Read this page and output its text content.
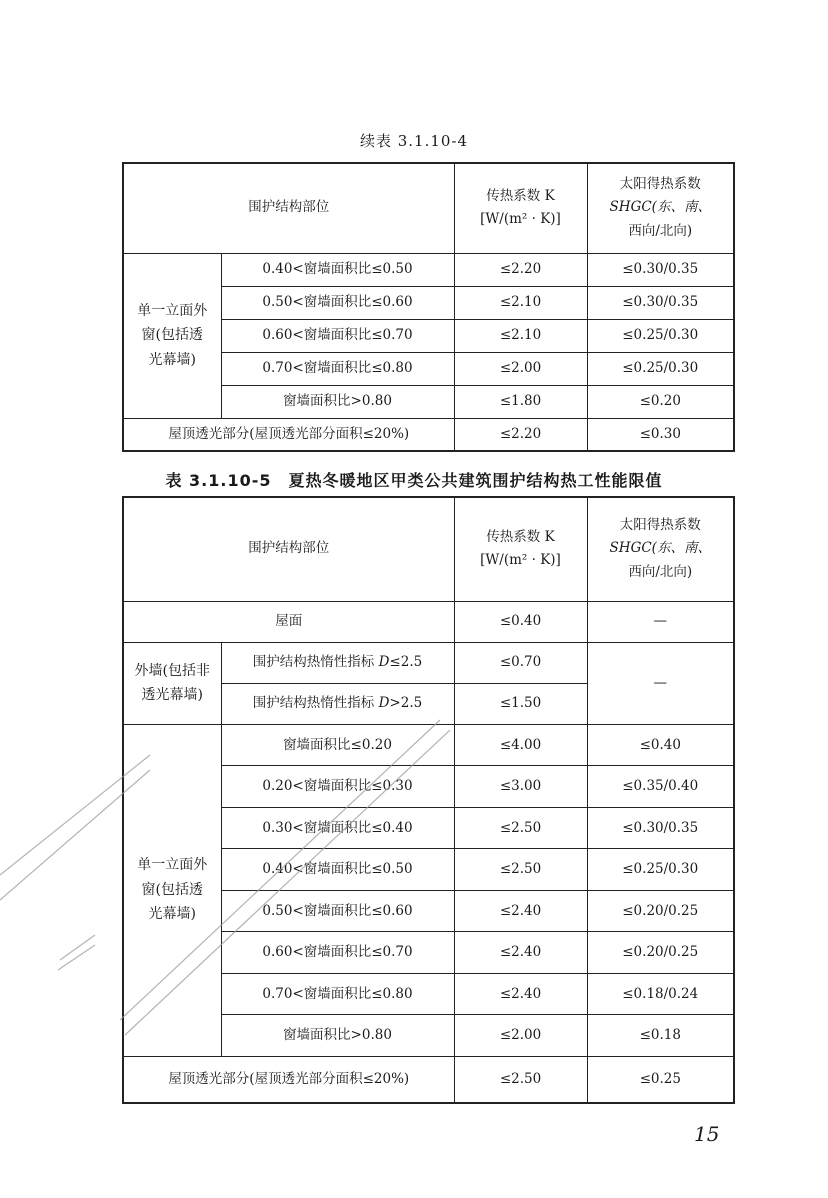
续表 3.1.10-4
围护结构部位		传热系数 K
[W/(m² · K)]	太阳得热系数
SHGC(东、南、
西向/北向)
单一立面外
窗(包括透
光幕墙)	0.40<窗墙面积比≤0.50	≤2.20	≤0.30/0.35
	0.50<窗墙面积比≤0.60	≤2.10	≤0.30/0.35
	0.60<窗墙面积比≤0.70	≤2.10	≤0.25/0.30
	0.70<窗墙面积比≤0.80	≤2.00	≤0.25/0.30
	窗墙面积比>0.80	≤1.80	≤0.20
屋顶透光部分(屋顶透光部分面积≤20%)		≤2.20	≤0.30
表 3.1.10-5　夏热冬暖地区甲类公共建筑围护结构热工性能限值
围护结构部位		传热系数 K
[W/(m² · K)]	太阳得热系数
SHGC(东、南、
西向/北向)
屋面		≤0.40	—
外墙(包括非
透光幕墙)	围护结构热惰性指标 D≤2.5	≤0.70	—
	围护结构热惰性指标 D>2.5	≤1.50	
单一立面外
窗(包括透
光幕墙)	窗墙面积比≤0.20	≤4.00	≤0.40
	0.20<窗墙面积比≤0.30	≤3.00	≤0.35/0.40
	0.30<窗墙面积比≤0.40	≤2.50	≤0.30/0.35
	0.40<窗墙面积比≤0.50	≤2.50	≤0.25/0.30
	0.50<窗墙面积比≤0.60	≤2.40	≤0.20/0.25
	0.60<窗墙面积比≤0.70	≤2.40	≤0.20/0.25
	0.70<窗墙面积比≤0.80	≤2.40	≤0.18/0.24
	窗墙面积比>0.80	≤2.00	≤0.18
屋顶透光部分(屋顶透光部分面积≤20%)		≤2.50	≤0.25
15
